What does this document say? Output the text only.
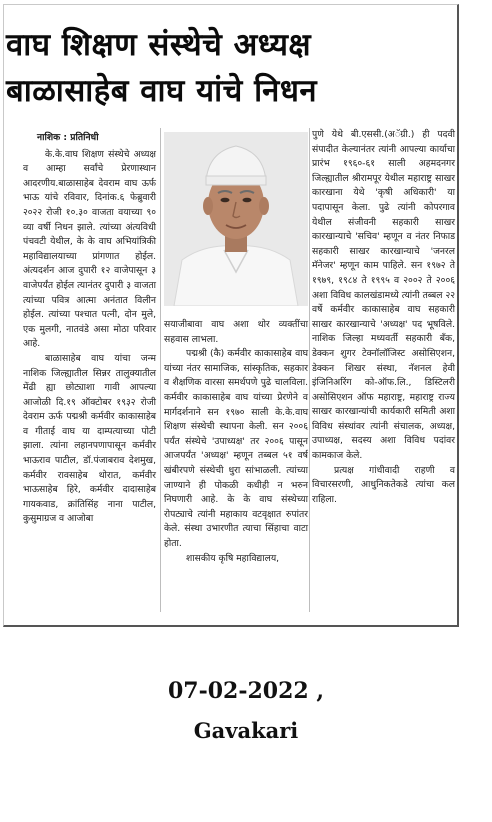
वाघ शिक्षण संस्थेचे अध्यक्ष
बाळासाहेब वाघ यांचे निधन

नाशिक : प्रतिनिधी

के.के.वाघ शिक्षण संस्थेचे अध्यक्ष व आम्हा सर्वांचे प्रेरणास्थान आदरणीय.बाळासाहेब देवराम वाघ ऊर्फ भाऊ यांचे रविवार, दिनांक.६ फेब्रुवारी २०२२ रोजी १०.३० वाजता वयाच्या ९० व्या वर्षी निधन झाले. त्यांच्या अंत्यविधी पंचवटी येथील, के के वाघ अभियांत्रिकी महाविद्यालयाच्या प्रांगणात होईल. अंत्यदर्शन आज दुपारी १२ वाजेपासून ३ वाजेपर्यंत होईल त्यानंतर दुपारी ३ वाजता त्यांच्या पवित्र आत्मा अनंतात विलीन होईल. त्यांच्या पश्चात पत्नी, दोन मुले, एक मुलगी, नातवंडे असा मोठा परिवार आहे.

बाळासाहेब वाघ यांचा जन्म नाशिक जिल्ह्यातील सिन्नर तालुक्यातील मेंढी ह्या छोट्याशा गावी आपल्या आजोळी दि.१९ ऑक्टोबर १९३२ रोजी देवराम ऊर्फ पद्मश्री कर्मवीर काकासाहेब व गीताई वाघ या दाम्पत्याच्या पोटी झाला. त्यांना लहानपणापासून कर्मवीर भाऊराव पाटील, डॉ.पंजाबराव देशमुख, कर्मवीर रावसाहेब थोरात, कर्मवीर भाऊसाहेब हिरे, कर्मवीर दादासाहेब गायकवाड, क्रांतिसिंह नाना पाटील, कुसुमाग्रज व आजोबा

सयाजीबावा वाघ अशा थोर व्यक्तींचा सहवास लाभला.

पद्मश्री (कै) कर्मवीर काकासाहेब वाघ यांच्या नंतर सामाजिक, सांस्कृतिक, सहकार व शैक्षणिक वारसा समर्थपणे पुढे चालविला. कर्मवीर काकासाहेब वाघ यांच्या प्रेरणेने व मार्गदर्शनाने सन १९७० साली के.के.वाघ शिक्षण संस्थेची स्थापना केली. सन २००६ पर्यंत संस्थेचे 'उपाध्यक्ष' तर २००६ पासून आजपर्यंत 'अध्यक्ष' म्हणून तब्बल ५१ वर्ष खंबीरपणे संस्थेची धुरा सांभाळली. त्यांच्या जाण्याने ही पोकळी कधीही न भरुन निघणारी आहे. के के वाघ संस्थेच्या रोपट्याचे त्यांनी महाकाय वटवृक्षात रुपांतर केले. संस्था उभारणीत त्याचा सिंहाचा वाटा होता.

शासकीय कृषि महाविद्यालय,

पुणे येथे बी.एससी.(अॅग्री.) ही पदवी संपादीत केल्यानंतर त्यांनी आपल्या कार्याचा प्रारंभ १९६०-६१ साली अहमदनगर जिल्ह्यातील श्रीरामपूर येथील महाराष्ट्र साखर कारखाना येथे 'कृषी अधिकारी' या पदापासून केला. पुढे त्यांनी कोपरगाव येथील संजीवनी सहकारी साखर कारखान्याचे 'सचिव' म्हणून व नंतर निफाड सहकारी साखर कारखान्याचे 'जनरल मॅनेजर' म्हणून काम पाहिले. सन १९७२ ते १९७९, १९८४ ते १९९५ व २००२ ते २००६ अशा विविध कालखंडामध्ये त्यांनी तब्बल २२ वर्षे कर्मवीर काकासाहेब वाघ सहकारी साखर कारखान्याचे 'अध्यक्ष' पद भूषविले. नाशिक जिल्हा मध्यवर्ती सहकारी बँक, डेक्कन शुगर टेक्नॉलॉजिस्ट असोसिएशन, डेक्कन शिखर संस्था, नॅशनल हेवी इंजिनिअरिंग को-ऑफ.लि., डिस्टिलरी असोसिएशन ऑफ महाराष्ट्र, महाराष्ट्र राज्य साखर कारखान्यांची कार्यकारी समिती अशा विविध संस्थांवर त्यांनी संचालक, अध्यक्ष, उपाध्यक्ष, सदस्य अशा विविध पदांवर कामकाज केले.

प्रत्यक्ष गांधीवादी राहणी व विचारसरणी, आधुनिकतेकडे त्यांचा कल राहिला.

07-02-2022 ,
Gavakari
